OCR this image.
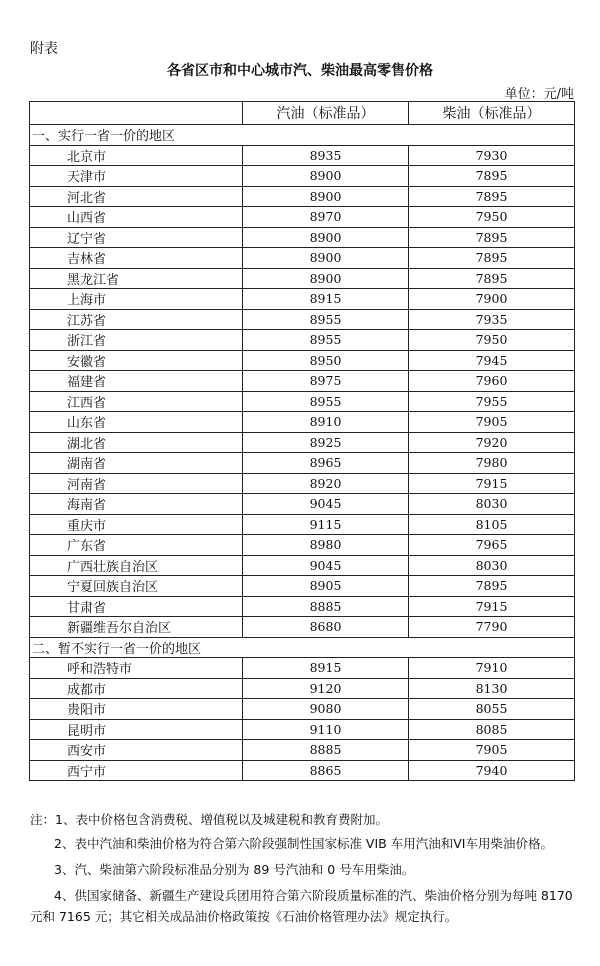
附表
各省区市和中心城市汽、柴油最高零售价格
单位：元/吨
	汽油（标准品）	柴油（标准品）
一、实行一省一价的地区		
北京市	8935	7930
天津市	8900	7895
河北省	8900	7895
山西省	8970	7950
辽宁省	8900	7895
吉林省	8900	7895
黑龙江省	8900	7895
上海市	8915	7900
江苏省	8955	7935
浙江省	8955	7950
安徽省	8950	7945
福建省	8975	7960
江西省	8955	7955
山东省	8910	7905
湖北省	8925	7920
湖南省	8965	7980
河南省	8920	7915
海南省	9045	8030
重庆市	9115	8105
广东省	8980	7965
广西壮族自治区	9045	8030
宁夏回族自治区	8905	7895
甘肃省	8885	7915
新疆维吾尔自治区	8680	7790
二、暂不实行一省一价的地区		
呼和浩特市	8915	7910
成都市	9120	8130
贵阳市	9080	8055
昆明市	9110	8085
西安市	8885	7905
西宁市	8865	7940

注：1、表中价格包含消费税、增值税以及城建税和教育费附加。

2、表中汽油和柴油价格为符合第六阶段强制性国家标准 VIB 车用汽油和VI车用柴油价格。

3、汽、柴油第六阶段标准品分别为 89 号汽油和 0 号车用柴油。

4、供国家储备、新疆生产建设兵团用符合第六阶段质量标准的汽、柴油价格分别为每吨 8170 元和 7165 元；其它相关成品油价格政策按《石油价格管理办法》规定执行。
